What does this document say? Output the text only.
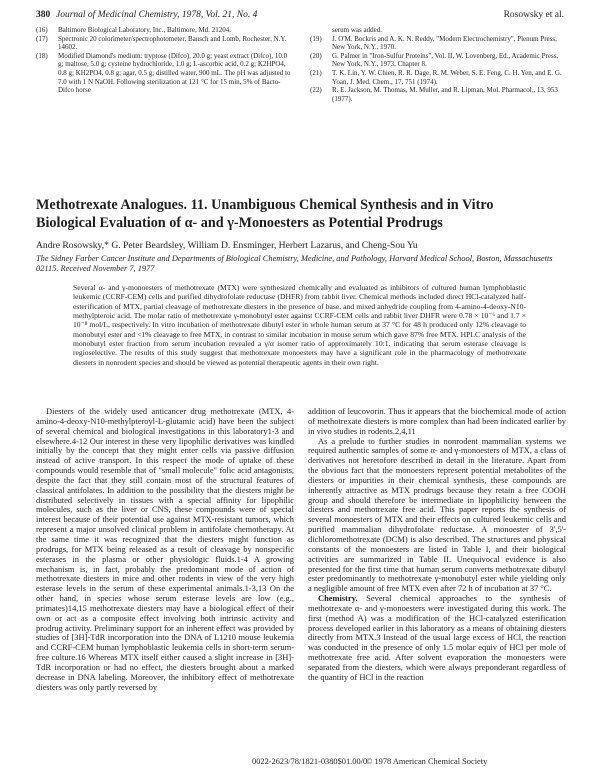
380 Journal of Medicinal Chemistry, 1978, Vol. 21, No. 4	Rosowsky et al.

(16) Baltimore Biological Laboratory, Inc., Baltimore, Md. 21204.

(17) Spectronic 20 colorimeter/spectrophotometer, Bausch and Lomb, Rochester, N.Y. 14602.

(18) Modified Diamond's medium: tryptose (Difco), 20.0 g; yeast extract (Difco), 10.0 g; maltose, 5.0 g; cysteine hydrochloride, 1.0 g; L-ascorbic acid, 0.2 g; K2HPO4, 0.8 g; KH2PO4, 0.8 g; agar, 0.5 g; distilled water, 900 mL. The pH was adjusted to 7.0 with 1 N NaOH. Following sterilization at 121 °C for 15 min, 5% of Bacto-Difco horse

serum was added.

(19) J. O'M. Bockris and A. K. N. Reddy, "Modern Electrochemistry", Plenum Press, New York, N.Y., 1970.

(20) G. Palmer in "Iron-Sulfur Proteins", Vol. II, W. Lovenberg, Ed., Academic Press, New York, N.Y., 1973, Chapter 8.

(21) T. K. Lin, Y. W. Chien, R. R. Dage, R. M. Weber, S. E. Feng, C. H. Yen, and E. G. Yoan, J. Med. Chem., 17, 751 (1974).

(22) R. E. Jackson, M. Thomas, M. Muller, and R. Lipman, Mol. Pharmacol., 13, 953 (1977).

Methotrexate Analogues. 11. Unambiguous Chemical Synthesis and in Vitro
Biological Evaluation of α- and γ-Monoesters as Potential Prodrugs

Andre Rosowsky,* G. Peter Beardsley, William D. Ensminger, Herbert Lazarus, and Cheng-Sou Yu

The Sidney Farber Cancer Institute and Departments of Biological Chemistry, Medicine, and Pathology, Harvard Medical School, Boston, Massachusetts 02115. Received November 7, 1977

Several α- and γ-monoesters of methotrexate (MTX) were synthesized chemically and evaluated as inhibitors of cultured human lymphoblastic leukemic (CCRF-CEM) cells and purified dihydrofolate reductase (DHFR) from rabbit liver. Chemical methods included direct HCl-catalyzed half-esterification of MTX, partial cleavage of methotrexate diesters in the presence of base, and mixed anhydride coupling from 4-amino-4-deoxy-N10-methylpteroic acid. The molar ratio of methotrexate γ-monobutyl ester against CCRF-CEM cells and rabbit liver DHFR were 0.78 × 10⁻⁶ and 1.7 × 10⁻⁸ mol/L, respectively. In vitro incubation of methotrexate dibutyl ester in whole human serum at 37 °C for 48 h produced only 12% cleavage to monobutyl ester and <1% cleavage to free MTX, in contrast to similar incubation in mouse serum which gave 87% free MTX. HPLC analysis of the monobutyl ester fraction from serum incubation revealed a γ/α isomer ratio of approximately 10:1, indicating that serum esterase cleavage is regioselective. The results of this study suggest that methotrexate monoesters may have a significant role in the pharmacology of methotrexate diesters in nonrodent species and should be viewed as potential therapeutic agents in their own right.

Diesters of the widely used anticancer drug methotrexate (MTX, 4-amino-4-deoxy-N10-methylpteroyl-L-glutamic acid) have been the subject of several chemical and biological investigations in this laboratory1-3 and elsewhere.4-12 Our interest in these very lipophilic derivatives was kindled initially by the concept that they might enter cells via passive diffusion instead of active transport. In this respect the mode of uptake of these compounds would resemble that of "small molecule" folic acid antagonists, despite the fact that they still contain most of the structural features of classical antifolates. In addition to the possibility that the diesters might be distributed selectively in tissues with a special affinity for lipophilic molecules, such as the liver or CNS, these compounds were of special interest because of their potential use against MTX-resistant tumors, which represent a major unsolved clinical problem in antifolate chemotherapy. At the same time it was recognized that the diesters might function as prodrugs, for MTX being released as a result of cleavage by nonspecific esterases in the plasma or other physiologic fluids.1-4 A growing mechanism is, in fact, probably the predominant mode of action of methotrexate diesters in mice and other rodents in view of the very high esterase levels in the serum of these experimental animals.1-3,13 On the other hand, in species whose serum esterase levels are low (e.g., primates)14,15 methotrexate diesters may have a biological effect of their own or act as a composite effect involving both intrinsic activity and prodrug activity. Preliminary support for an inherent effect was provided by studies of [3H]-TdR incorporation into the DNA of L1210 mouse leukemia and CCRF-CEM human lymphoblastic leukemia cells in short-term serum-free culture.16 Whereas MTX itself either caused a slight increase in [3H]-TdR incorporation or had no effect, the diesters brought about a marked decrease in DNA labeling. Moreover, the inhibitory effect of methotrexate diesters was only partly reversed by

addition of leucovorin. Thus it appears that the biochemical mode of action of methotrexate diesters is more complex than had been indicated earlier by in vivo studies in rodents.2,4,11

As a prelude to further studies in nonrodent mammalian systems we required authentic samples of some α- and γ-monoesters of MTX, a class of derivatives not heretofore described in detail in the literature. Apart from the obvious fact that the monoesters represent potential metabolites of the diesters or impurities in their chemical synthesis, these compounds are inherently attractive as MTX prodrugs because they retain a free COOH group and should therefore be intermediate in lipophilicity between the diesters and methotrexate free acid. This paper reports the synthesis of several monoesters of MTX and their effects on cultured leukemic cells and purified mammalian dihydrofolate reductase. A monoester of 3',5'-dichloromethotrexate (DCM) is also described. The structures and physical constants of the monoesters are listed in Table I, and their biological activities are summarized in Table II. Unequivocal evidence is also presented for the first time that human serum converts methotrexate dibutyl ester predominantly to methotrexate γ-monobutyl ester while yielding only a negligible amount of free MTX even after 72 h of incubation at 37 °C.

Chemistry. Several chemical approaches to the synthesis of methotrexate α- and γ-monoesters were investigated during this work. The first (method A) was a modification of the HCl-catalyzed esterification process developed earlier in this laboratory as a means of obtaining diesters directly from MTX.3 Instead of the usual large excess of HCl, the reaction was conducted in the presence of only 1.5 molar equiv of HCl per mole of methotrexate free acid. After solvent evaporation the monoesters were separated from the diesters, which were always preponderant regardless of the quantity of HCl in the reaction

0022-2623/78/1821-0380$01.00/0
© 1978 American Chemical Society
